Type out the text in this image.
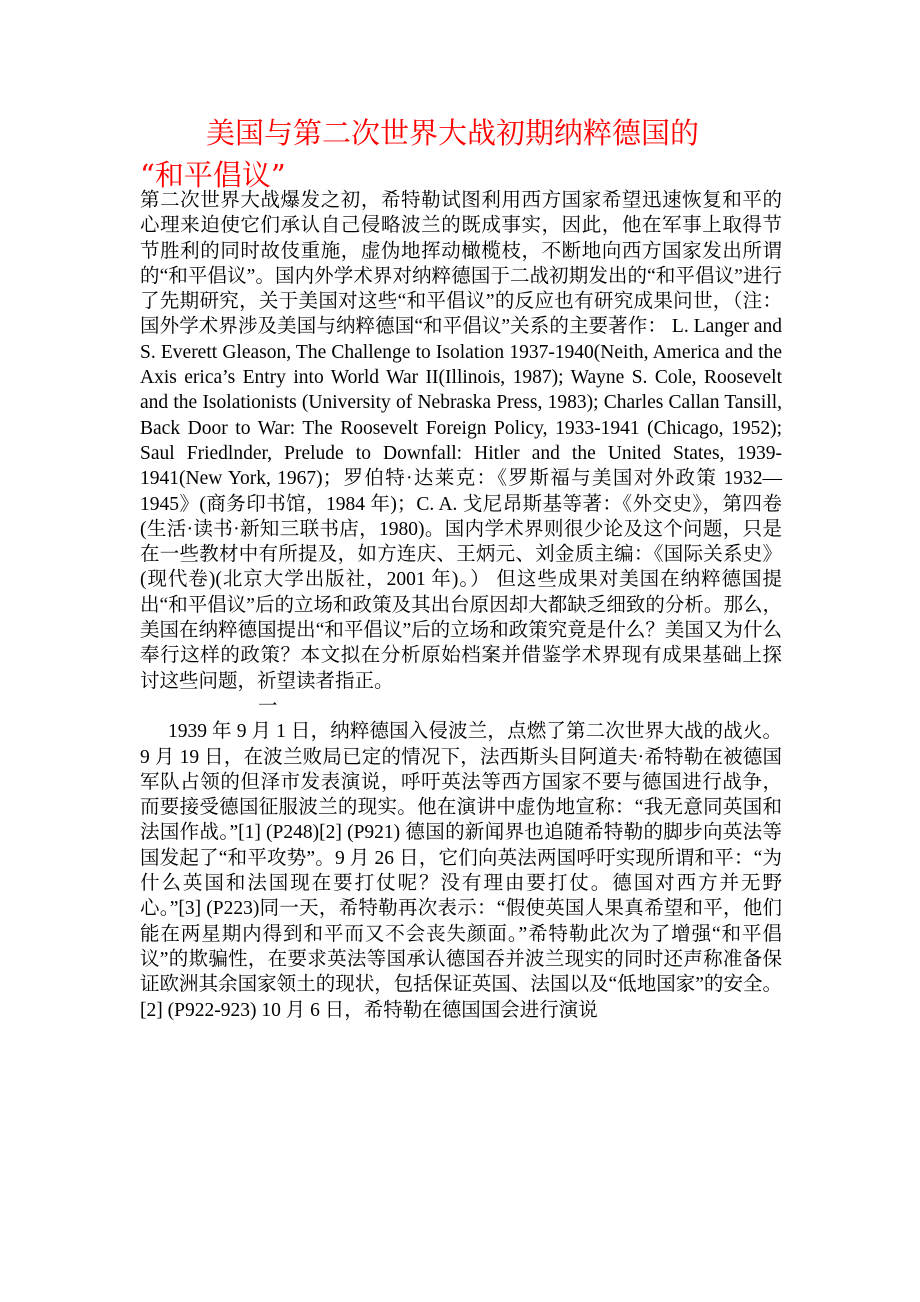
美国与第二次世界大战初期纳粹德国的
“和平倡议”

第二次世界大战爆发之初，希特勒试图利用西方国家希望迅速恢复和平的心理来迫使它们承认自己侵略波兰的既成事实，因此，他在军事上取得节节胜利的同时故伎重施，虚伪地挥动橄榄枝，不断地向西方国家发出所谓的“和平倡议”。国内外学术界对纳粹德国于二战初期发出的“和平倡议”进行了先期研究，关于美国对这些“和平倡议”的反应也有研究成果问世，（注：国外学术界涉及美国与纳粹德国“和平倡议”关系的主要著作： L. Langer and S. Everett Gleason, The Challenge to Isolation 1937-1940(Neith, America and the Axis erica’s Entry into World War II(Illinois, 1987); Wayne S. Cole, Roosevelt and the Isolationists (University of Nebraska Press, 1983); Charles Callan Tansill, Back Door to War: The Roosevelt Foreign Policy, 1933-1941 (Chicago, 1952); Saul Friedlnder, Prelude to Downfall: Hitler and the United States, 1939-1941(New York, 1967)；罗伯特·达莱克：《罗斯福与美国对外政策 1932—1945》(商务印书馆，1984 年)；C. A. 戈尼昂斯基等著：《外交史》，第四卷(生活·读书·新知三联书店，1980)。国内学术界则很少论及这个问题，只是在一些教材中有所提及，如方连庆、王炳元、刘金质主编：《国际关系史》(现代卷)(北京大学出版社，2001 年)。） 但这些成果对美国在纳粹德国提出“和平倡议”后的立场和政策及其出台原因却大都缺乏细致的分析。那么，美国在纳粹德国提出“和平倡议”后的立场和政策究竟是什么？美国又为什么奉行这样的政策？本文拟在分析原始档案并借鉴学术界现有成果基础上探讨这些问题，祈望读者指正。

一

1939 年 9 月 1 日，纳粹德国入侵波兰，点燃了第二次世界大战的战火。9 月 19 日，在波兰败局已定的情况下，法西斯头目阿道夫·希特勒在被德国军队占领的但泽市发表演说，呼吁英法等西方国家不要与德国进行战争，而要接受德国征服波兰的现实。他在演讲中虚伪地宣称：“我无意同英国和法国作战。”[1] (P248)[2] (P921) 德国的新闻界也追随希特勒的脚步向英法等国发起了“和平攻势”。9 月 26 日，它们向英法两国呼吁实现所谓和平：“为什么英国和法国现在要打仗呢？没有理由要打仗。德国对西方并无野心。”[3] (P223)同一天，希特勒再次表示：“假使英国人果真希望和平，他们能在两星期内得到和平而又不会丧失颜面。”希特勒此次为了增强“和平倡议”的欺骗性，在要求英法等国承认德国吞并波兰现实的同时还声称准备保证欧洲其余国家领土的现状，包括保证英国、法国以及“低地国家”的安全。[2] (P922-923) 10 月 6 日，希特勒在德国国会进行演说
